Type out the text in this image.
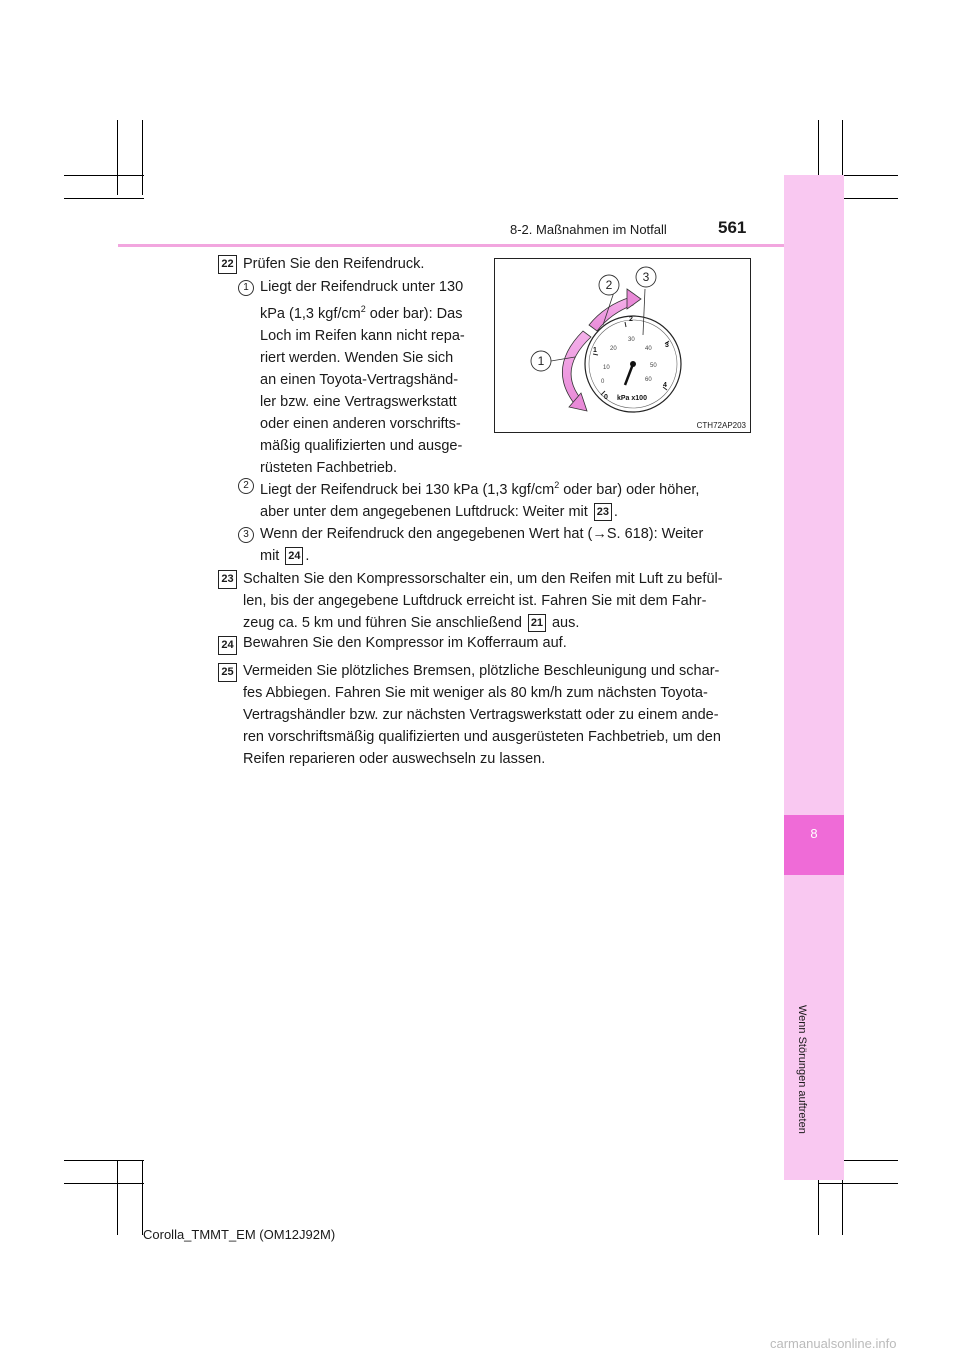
8
Wenn Störungen auftreten
8-2. Maßnahmen im Notfall	561
22 Prüfen Sie den Reifendruck.
1 Liegt der Reifendruck unter 130
kPa (1,3 kgf/$cm^2$ oder bar): Das
Loch im Reifen kann nicht repa-
riert werden. Wenden Sie sich
an einen Toyota-Vertragshänd-
ler bzw. eine Vertragswerkstatt
oder einen anderen vorschrifts-
mäßig qualifizierten und ausge-
rüsteten Fachbetrieb.
0
10
20
30
40
50
60
0
1
2
3
4
kPa x100
1
2
3
CTH72AP203
2 Liegt der Reifendruck bei 130 kPa (1,3 kgf/$cm^2$ oder bar) oder höher,
aber unter dem angegebenen Luftdruck: Weiter mit 23 .
3 Wenn der Reifendruck den angegebenen Wert hat (→S. 618): Weiter
mit 24 .
23 Schalten Sie den Kompressorschalter ein, um den Reifen mit Luft zu befül-
len, bis der angegebene Luftdruck erreicht ist. Fahren Sie mit dem Fahr-
zeug ca. 5 km und führen Sie anschließend 21 aus.
24 Bewahren Sie den Kompressor im Kofferraum auf.
25 Vermeiden Sie plötzliches Bremsen, plötzliche Beschleunigung und schar-
fes Abbiegen. Fahren Sie mit weniger als 80 km/h zum nächsten Toyota-
Vertragshändler bzw. zur nächsten Vertragswerkstatt oder zu einem ande-
ren vorschriftsmäßig qualifizierten und ausgerüsteten Fachbetrieb, um den
Reifen reparieren oder auswechseln zu lassen.
Corolla_TMMT_EM (OM12J92M)
carmanualsonline.info
